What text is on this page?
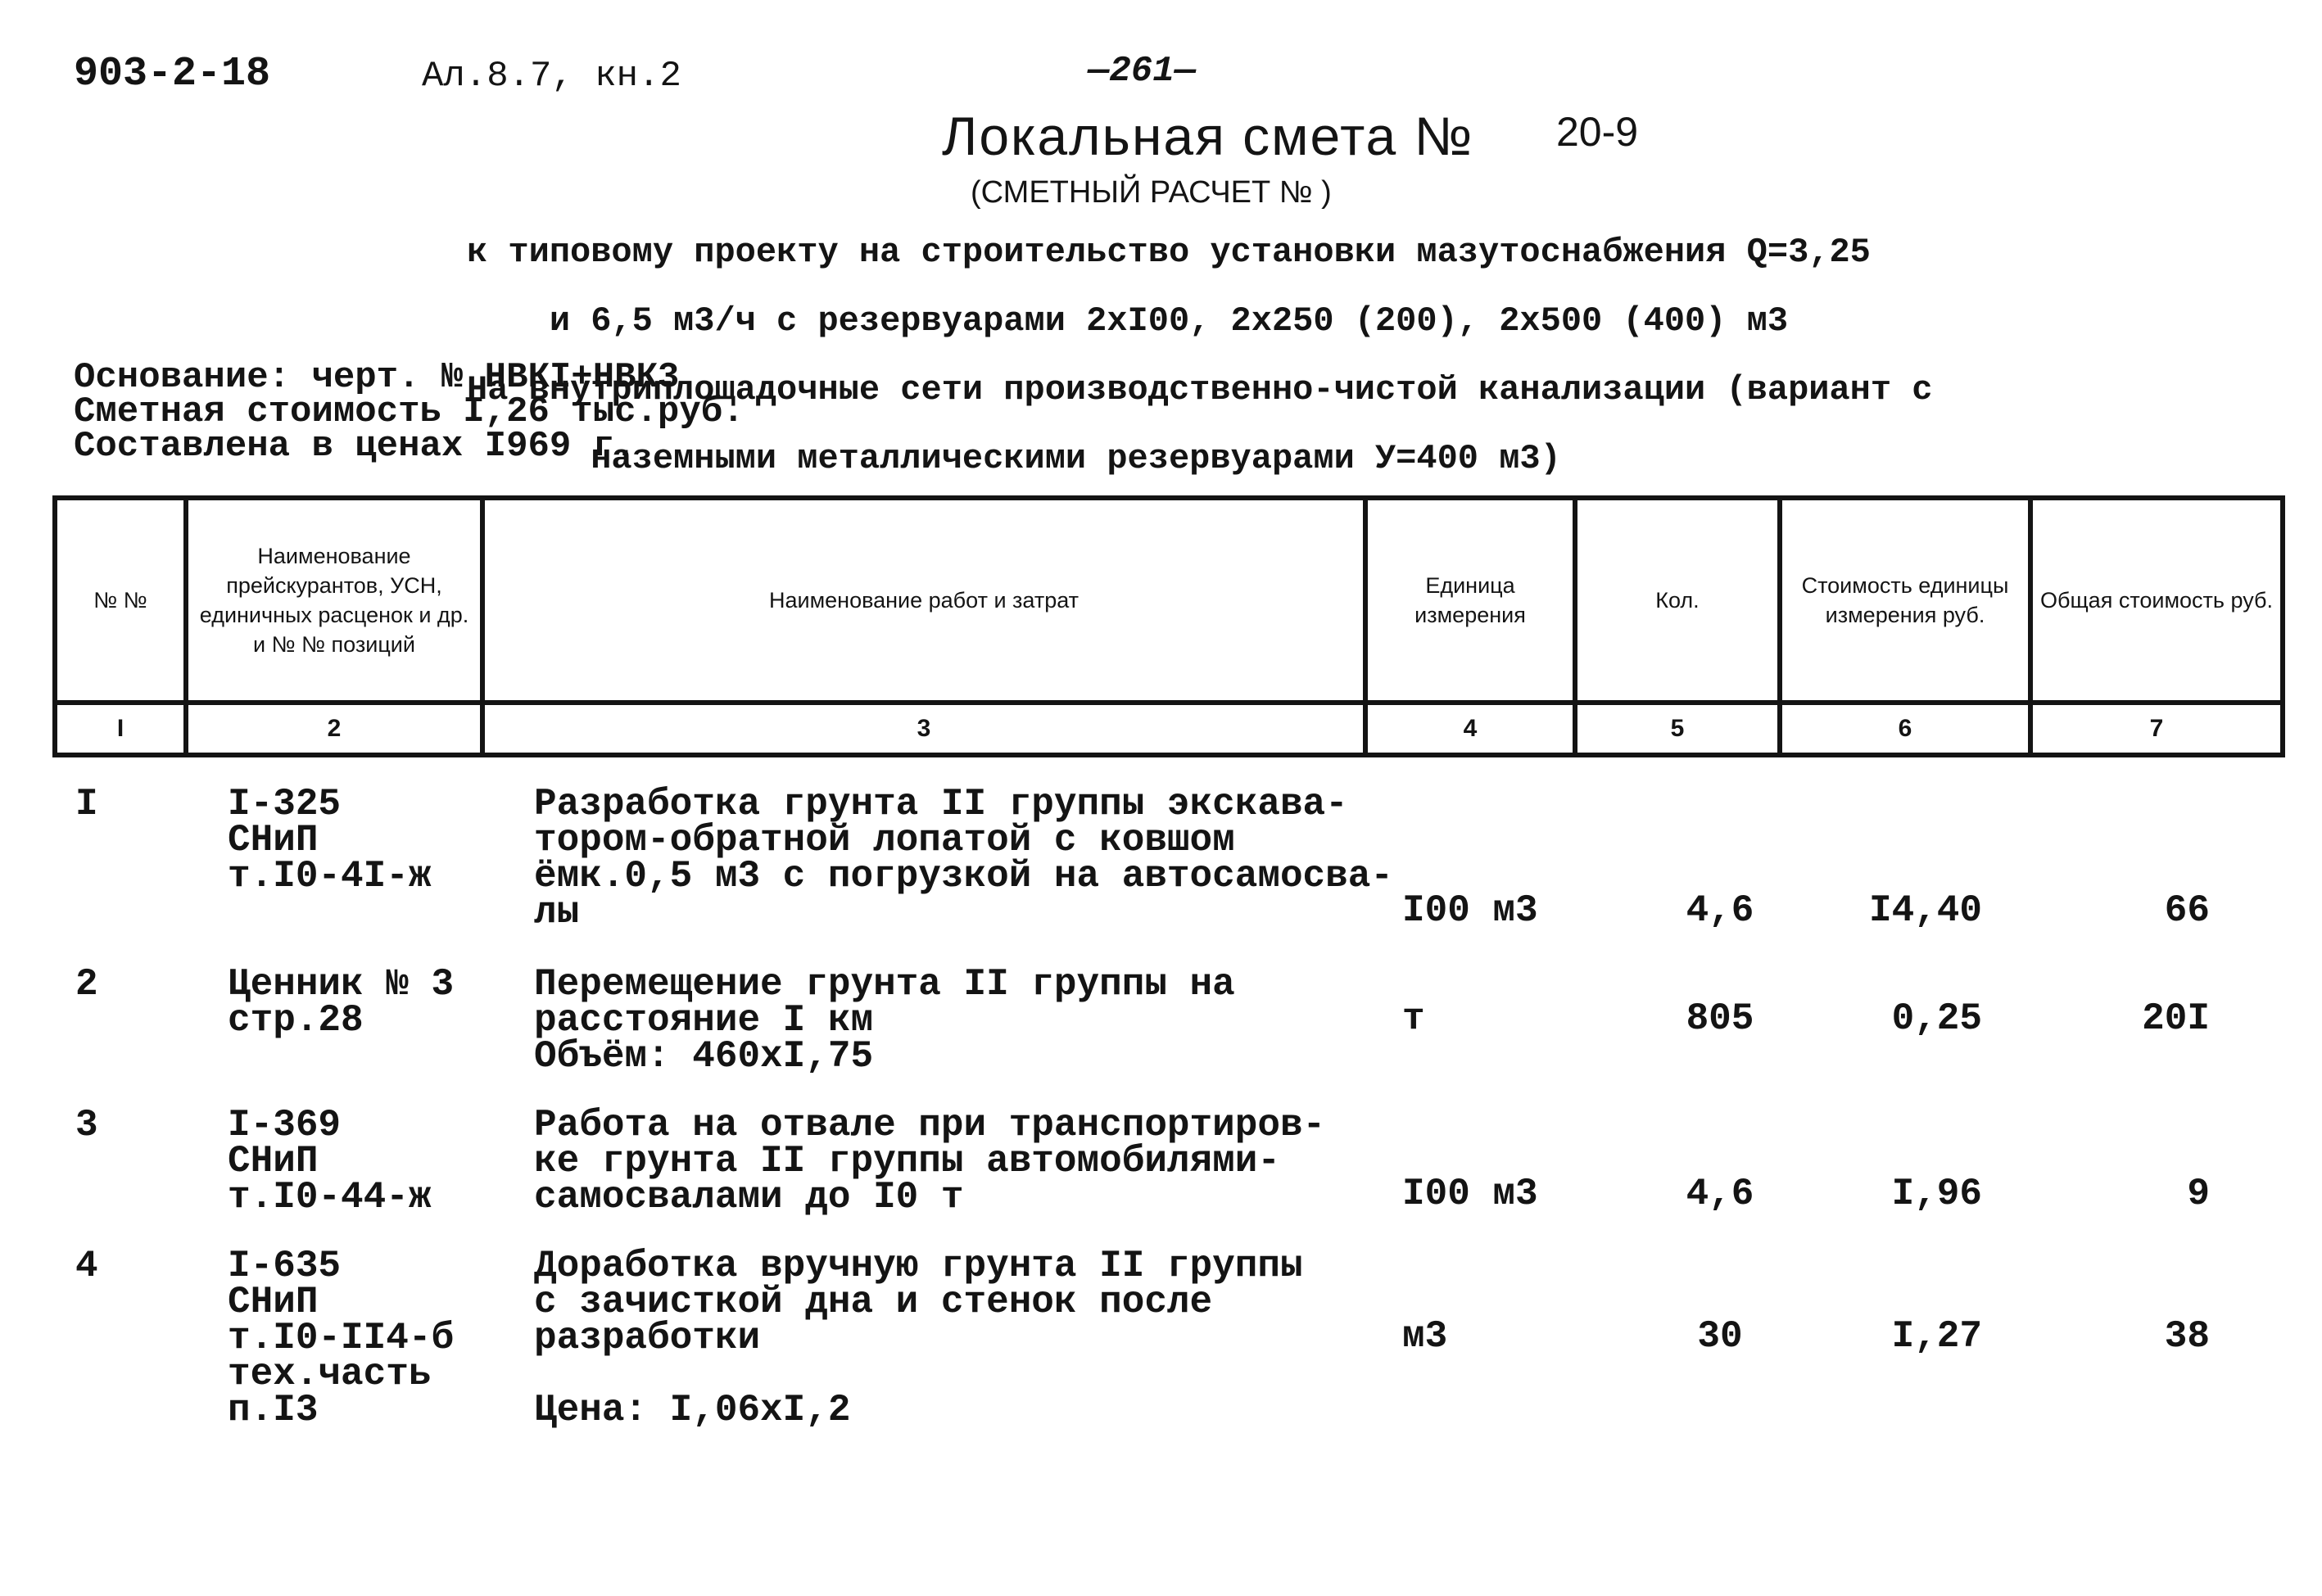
903-2-18	Ал.8.7, кн.2	—261—
Локальная смета № 20-9
(СМЕТНЫЙ РАСЧЕТ № )

к типовому проекту на строительство установки мазутоснабжения Q=3,25

и 6,5 м3/ч с резервуарами 2хI00, 2х250 (200), 2х500 (400) м3

На внутриплощадочные сети производственно-чистой канализации (вариант с

наземными металлическими резервуарами У=400 м3)

Основание: черт. № НВКI+НВК3
Сметная стоимость I,26 тыс.руб.
Составлена в ценах I969 г.
№ №	Наименование прейскурантов, УСН, единичных расценок и др. и № № позиций	Наименование работ и затрат	Единица измерения	Кол.	Стоимость единицы измерения руб.	Общая стоимость руб.
I	2	3	4	5	6	7
I	I-325
СНиП
т.I0-4I-ж
Разработка грунта II группы экскава-
тором-обратной лопатой с ковшом
ёмк.0,5 м3 с погрузкой на автосамосва-
лы	I00 м3	4,6	I4,40	66
2	Ценник № 3
стр.28
Перемещение грунта II группы на
расстояние I км
Объём: 460хI,75
т	805	0,25	20I
3	I-369
СНиП
т.I0-44-ж
Работа на отвале при транспортиров-
ке грунта II группы автомобилями-
самосвалами до I0 т	I00 м3	4,6	I,96	9
4	I-635
СНиП
т.I0-II4-б
тех.часть
п.I3
Доработка вручную грунта II группы
с зачисткой дна и стенок после
разработки
Цена: I,06хI,2
м3	30	I,27	38
